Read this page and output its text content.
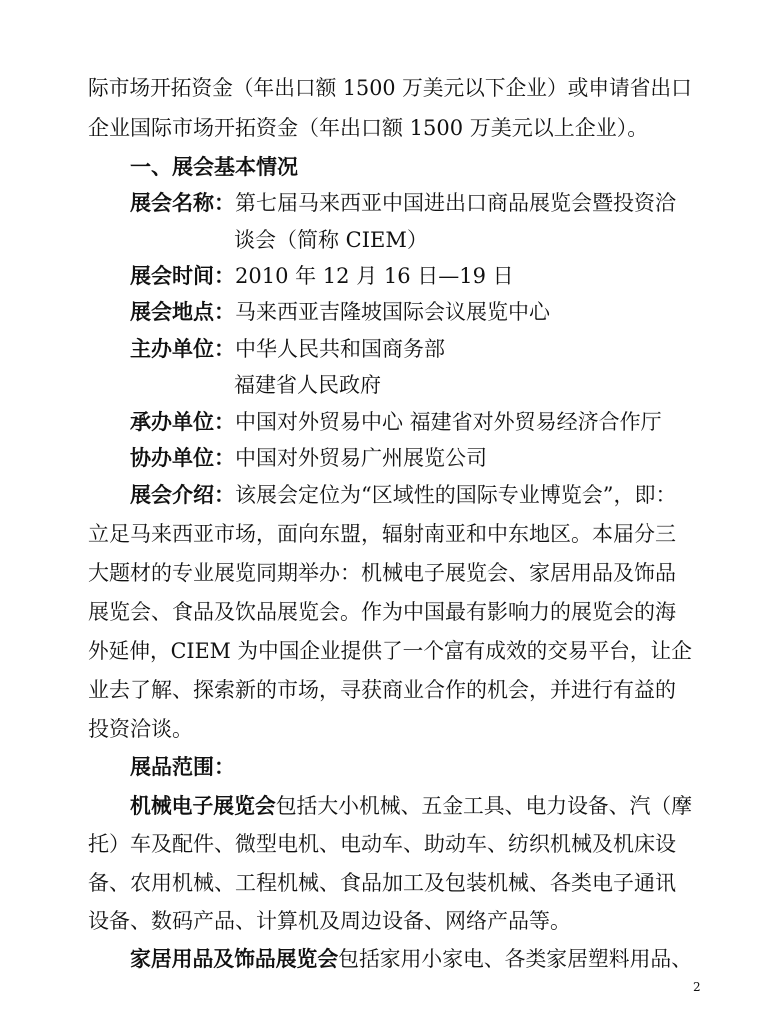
际市场开拓资金（年出口额 1500 万美元以下企业）或申请省出口
企业国际市场开拓资金（年出口额 1500 万美元以上企业）。
一、展会基本情况
展会名称：第七届马来西亚中国进出口商品展览会暨投资洽
谈会（简称 CIEM）
展会时间：2010 年 12 月 16 日—19 日
展会地点：马来西亚吉隆坡国际会议展览中心
主办单位：中华人民共和国商务部
福建省人民政府
承办单位：中国对外贸易中心 福建省对外贸易经济合作厅
协办单位：中国对外贸易广州展览公司
展会介绍：该展会定位为“区域性的国际专业博览会”，即：
立足马来西亚市场，面向东盟，辐射南亚和中东地区。本届分三
大题材的专业展览同期举办：机械电子展览会、家居用品及饰品
展览会、食品及饮品展览会。作为中国最有影响力的展览会的海
外延伸，CIEM 为中国企业提供了一个富有成效的交易平台，让企
业去了解、探索新的市场，寻获商业合作的机会，并进行有益的
投资洽谈。
展品范围：
机械电子展览会包括大小机械、五金工具、电力设备、汽（摩
托）车及配件、微型电机、电动车、助动车、纺织机械及机床设
备、农用机械、工程机械、食品加工及包装机械、各类电子通讯
设备、数码产品、计算机及周边设备、网络产品等。
家居用品及饰品展览会包括家用小家电、各类家居塑料用品、
2
